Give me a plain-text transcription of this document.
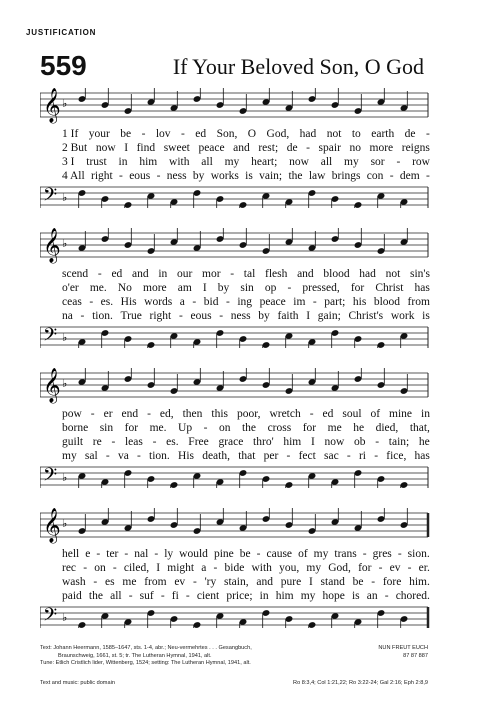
JUSTIFICATION
559	If Your Beloved Son, O God
𝄞 ♭
𝄢 ♭
1 If your be - lov - ed Son, O God, had not to earth de -
2 But now I find sweet peace and rest; de - spair no more reigns
3 I trust in him with all my heart; now all my sor - row
4 All right - eous - ness by works is vain; the law brings con - dem -
𝄞 ♭
𝄢 ♭
scend - ed and in our mor - tal flesh and blood had not sin's
o'er me. No more am I by sin op - pressed, for Christ has
ceas - es. His words a - bid - ing peace im - part; his blood from
na - tion. True right - eous - ness by faith I gain; Christ's work is
𝄞 ♭
𝄢 ♭
pow - er end - ed, then this poor, wretch - ed soul of mine in
borne sin for me. Up - on the cross for me he died, that,
guilt re - leas - es. Free grace thro' him I now ob - tain; he
my sal - va - tion. His death, that per - fect sac - ri - fice, has
𝄞 ♭
𝄢 ♭
hell e - ter - nal - ly would pine be - cause of my trans - gres - sion.
rec - on - ciled, I might a - bide with you, my God, for - ev - er.
wash - es me from ev - 'ry stain, and pure I stand be - fore him.
paid the all - suf - fi - cient price; in him my hope is an - chored.
Text: Johann Heermann, 1585–1647, sts. 1-4, abr.; Neu-vermehrtes . . . Gesangbuch,
Braunschweig, 1661, st. 5; tr. The Lutheran Hymnal, 1941, alt.
Tune: Etlich Cristlich lider, Wittenberg, 1524; setting: The Lutheran Hymnal, 1941, alt.
NUN FREUT EUCH
87 87 887
Text and music: public domain	Ro 8:3,4; Col 1:21,22; Ro 3:22-24; Gal 2:16; Eph 2:8,9
